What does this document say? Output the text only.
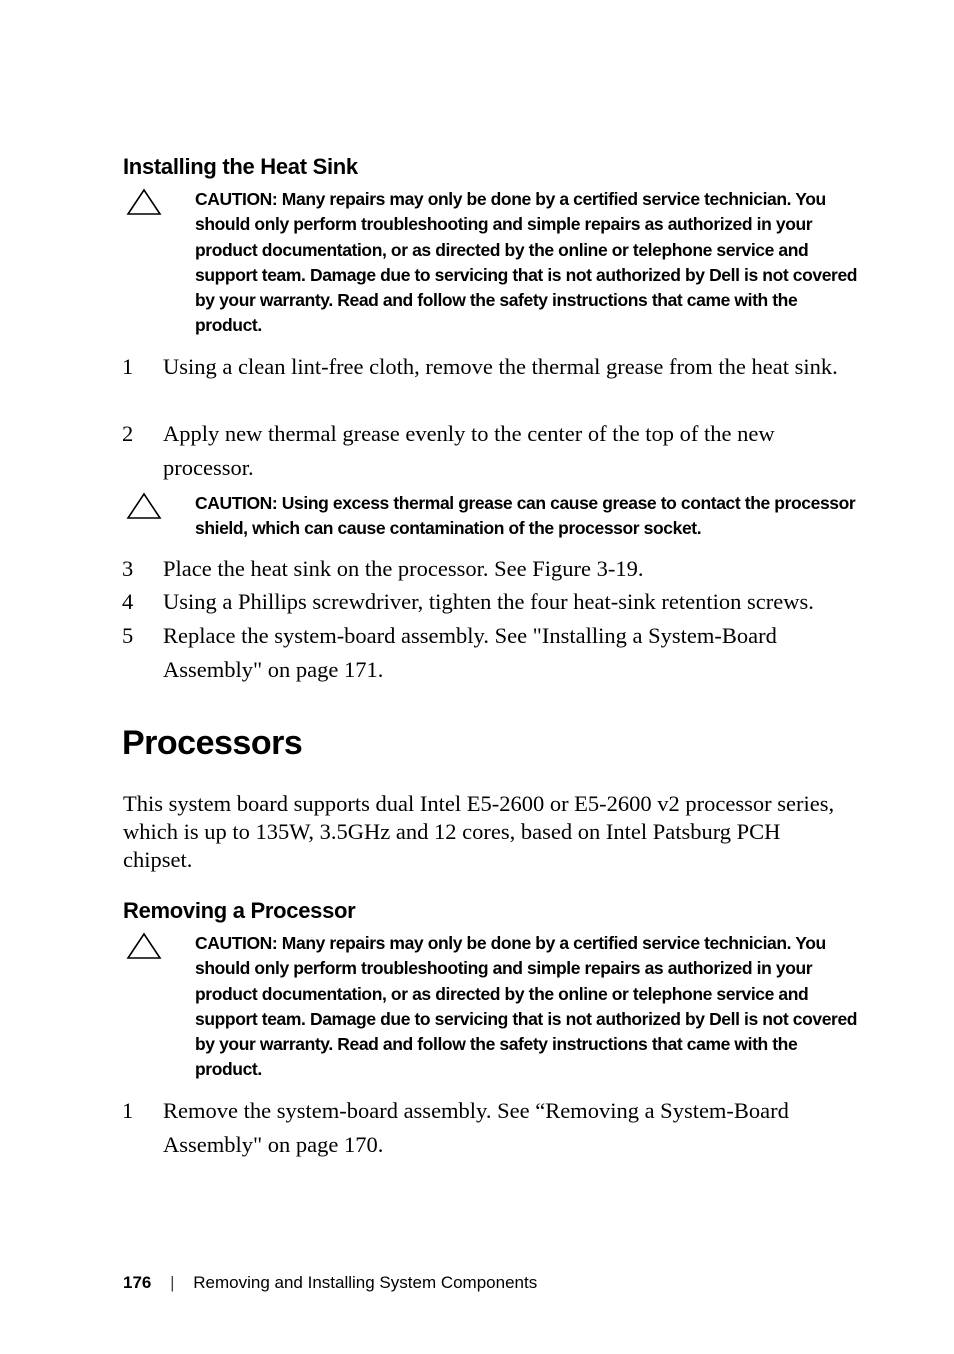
Installing the Heat Sink
CAUTION: Many repairs may only be done by a certified service technician. You should only perform troubleshooting and simple repairs as authorized in your product documentation, or as directed by the online or telephone service and support team. Damage due to servicing that is not authorized by Dell is not covered by your warranty. Read and follow the safety instructions that came with the product.
1	Using a clean lint-free cloth, remove the thermal grease from the heat sink.
2	Apply new thermal grease evenly to the center of the top of the new processor.
CAUTION: Using excess thermal grease can cause grease to contact the processor shield, which can cause contamination of the processor socket.
3	Place the heat sink on the processor. See Figure 3-19.
4	Using a Phillips screwdriver, tighten the four heat-sink retention screws.
5	Replace the system-board assembly. See "Installing a System-Board Assembly" on page 171.
Processors
This system board supports dual Intel E5-2600 or E5-2600 v2 processor series, which is up to 135W, 3.5GHz and 12 cores, based on Intel Patsburg PCH chipset.
Removing a Processor
CAUTION: Many repairs may only be done by a certified service technician. You should only perform troubleshooting and simple repairs as authorized in your product documentation, or as directed by the online or telephone service and support team. Damage due to servicing that is not authorized by Dell is not covered by your warranty. Read and follow the safety instructions that came with the product.
1	Remove the system-board assembly. See “Removing a System-Board Assembly" on page 170.
176 | Removing and Installing System Components
